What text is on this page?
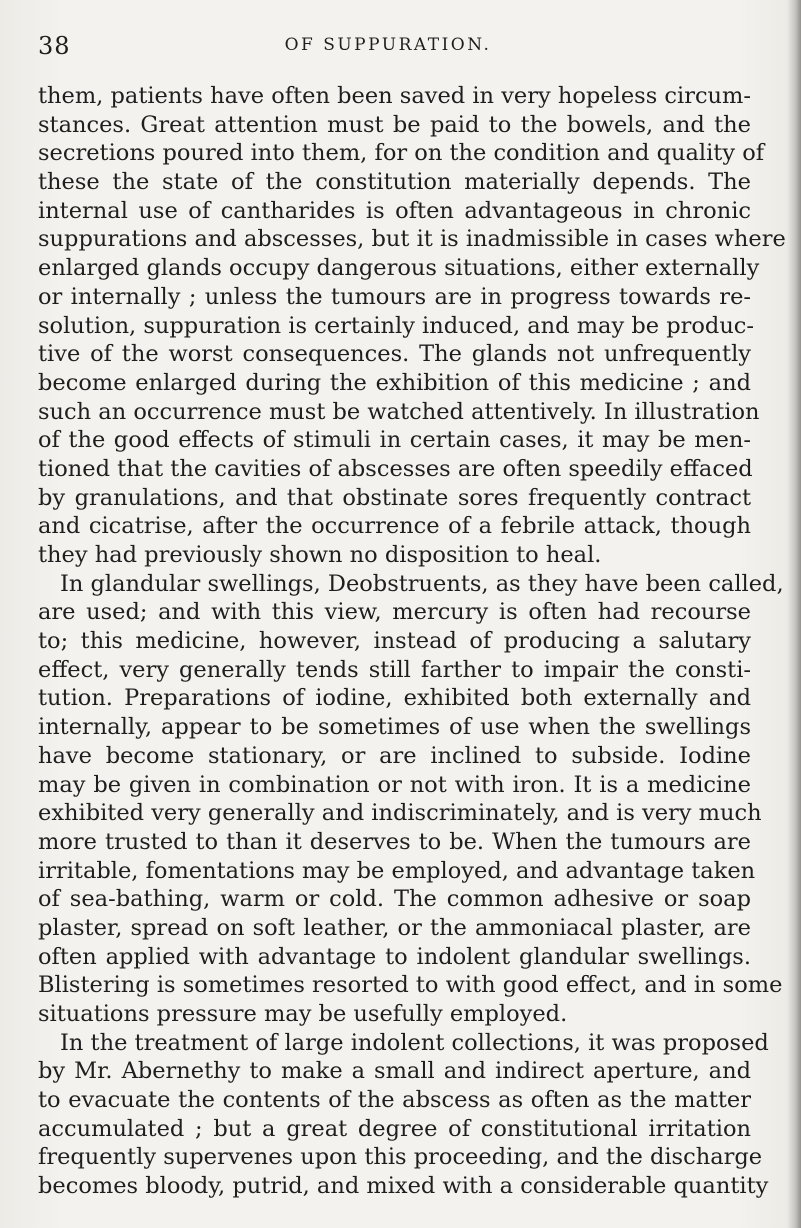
38	OF SUPPURATION.
them, patients have often been saved in very hopeless circum-
stances. Great attention must be paid to the bowels, and the
secretions poured into them, for on the condition and quality of
these the state of the constitution materially depends. The
internal use of cantharides is often advantageous in chronic
suppurations and abscesses, but it is inadmissible in cases where
enlarged glands occupy dangerous situations, either externally
or internally ; unless the tumours are in progress towards re-
solution, suppuration is certainly induced, and may be produc-
tive of the worst consequences. The glands not unfrequently
become enlarged during the exhibition of this medicine ; and
such an occurrence must be watched attentively. In illustration
of the good effects of stimuli in certain cases, it may be men-
tioned that the cavities of abscesses are often speedily effaced
by granulations, and that obstinate sores frequently contract
and cicatrise, after the occurrence of a febrile attack, though
they had previously shown no disposition to heal.
In glandular swellings, Deobstruents, as they have been called,
are used; and with this view, mercury is often had recourse
to; this medicine, however, instead of producing a salutary
effect, very generally tends still farther to impair the consti-
tution. Preparations of iodine, exhibited both externally and
internally, appear to be sometimes of use when the swellings
have become stationary, or are inclined to subside. Iodine
may be given in combination or not with iron. It is a medicine
exhibited very generally and indiscriminately, and is very much
more trusted to than it deserves to be. When the tumours are
irritable, fomentations may be employed, and advantage taken
of sea-bathing, warm or cold. The common adhesive or soap
plaster, spread on soft leather, or the ammoniacal plaster, are
often applied with advantage to indolent glandular swellings.
Blistering is sometimes resorted to with good effect, and in some
situations pressure may be usefully employed.
In the treatment of large indolent collections, it was proposed
by Mr. Abernethy to make a small and indirect aperture, and
to evacuate the contents of the abscess as often as the matter
accumulated ; but a great degree of constitutional irritation
frequently supervenes upon this proceeding, and the discharge
becomes bloody, putrid, and mixed with a considerable quantity
